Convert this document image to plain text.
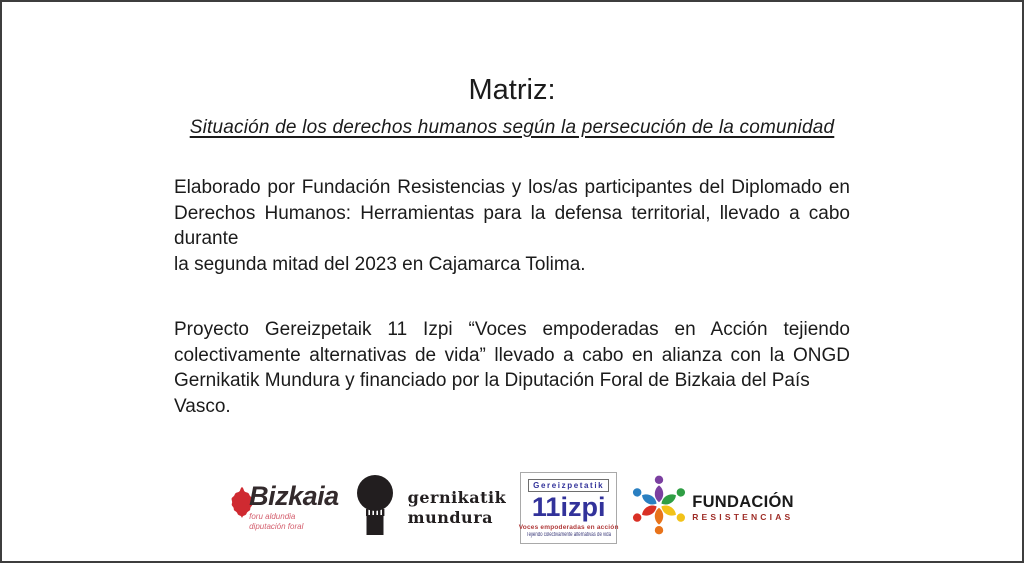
Matriz:
Situación de los derechos humanos según la persecución de la comunidad
Elaborado por Fundación Resistencias y los/as participantes del Diplomado en
Derechos Humanos: Herramientas para la defensa territorial, llevado a cabo durante
la segunda mitad del 2023 en Cajamarca Tolima.
Proyecto Gereizpetaik 11 Izpi “Voces empoderadas en Acción tejiendo
colectivamente alternativas de vida” llevado a cabo en alianza con la ONGD
Gernikatik Mundura y financiado por la Diputación Foral de Bizkaia del País Vasco.
Bizkaia
foru aldundia
diputación foral
gernikatik
mundura
Gereizpetatik
11izpi
Voces empoderadas en acción
Tejiendo colectivamente alternativas de vida
FUNDACIÓN
RESISTENCIAS
